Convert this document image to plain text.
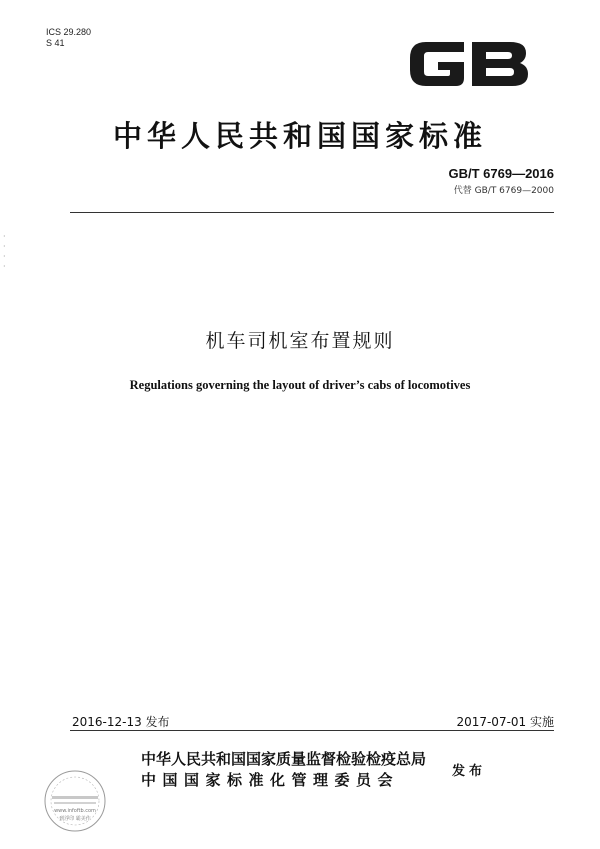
ICS 29.280
S 41
中华人民共和国国家标准
GB/T 6769—2016
代替 GB/T 6769—2000
·
·
·
·
机车司机室布置规则
Regulations governing the layout of driver’s cabs of locomotives
2016-12-13 发布	2017-07-01 实施
中华人民共和国国家质量监督检验检疫总局
中国国家标准化管理委员会	发布
www.infoftb.com
到浮印 霸美作
